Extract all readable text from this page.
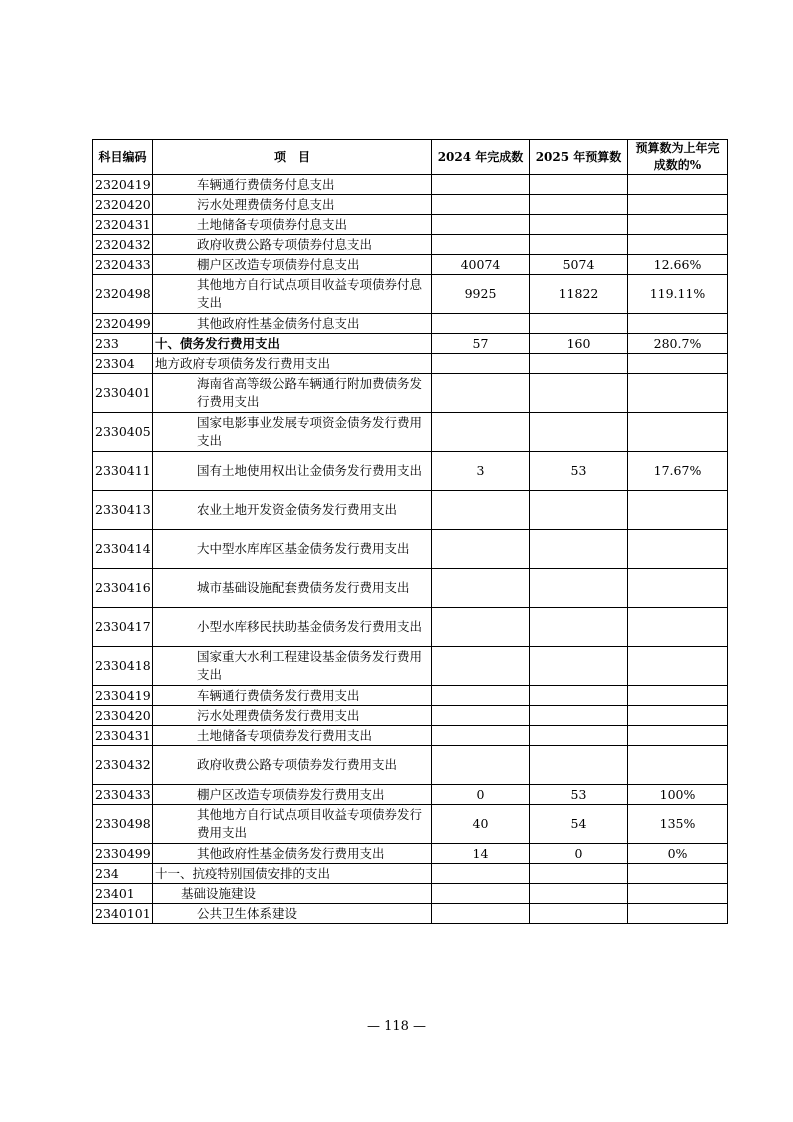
科目编码	项　目	2024 年完成数	2025 年预算数	预算数为上年完成数的%
2320419	车辆通行费债务付息支出			
2320420	污水处理费债务付息支出			
2320431	土地储备专项债券付息支出			
2320432	政府收费公路专项债券付息支出			
2320433	棚户区改造专项债券付息支出	40074	5074	12.66%
2320498	其他地方自行试点项目收益专项债券付息支出	9925	11822	119.11%
2320499	其他政府性基金债务付息支出			
233	十、债务发行费用支出	57	160	280.7%
23304	地方政府专项债务发行费用支出			
2330401	海南省高等级公路车辆通行附加费债务发行费用支出			
2330405	国家电影事业发展专项资金债务发行费用支出			
2330411	国有土地使用权出让金债务发行费用支出	3	53	17.67%
2330413	农业土地开发资金债务发行费用支出			
2330414	大中型水库库区基金债务发行费用支出			
2330416	城市基础设施配套费债务发行费用支出			
2330417	小型水库移民扶助基金债务发行费用支出			
2330418	国家重大水利工程建设基金债务发行费用支出			
2330419	车辆通行费债务发行费用支出			
2330420	污水处理费债务发行费用支出			
2330431	土地储备专项债券发行费用支出			
2330432	政府收费公路专项债券发行费用支出			
2330433	棚户区改造专项债券发行费用支出	0	53	100%
2330498	其他地方自行试点项目收益专项债券发行费用支出	40	54	135%
2330499	其他政府性基金债务发行费用支出	14	0	0%
234	十一、抗疫特别国债安排的支出			
23401	基础设施建设			
2340101	公共卫生体系建设			
— 118 —
